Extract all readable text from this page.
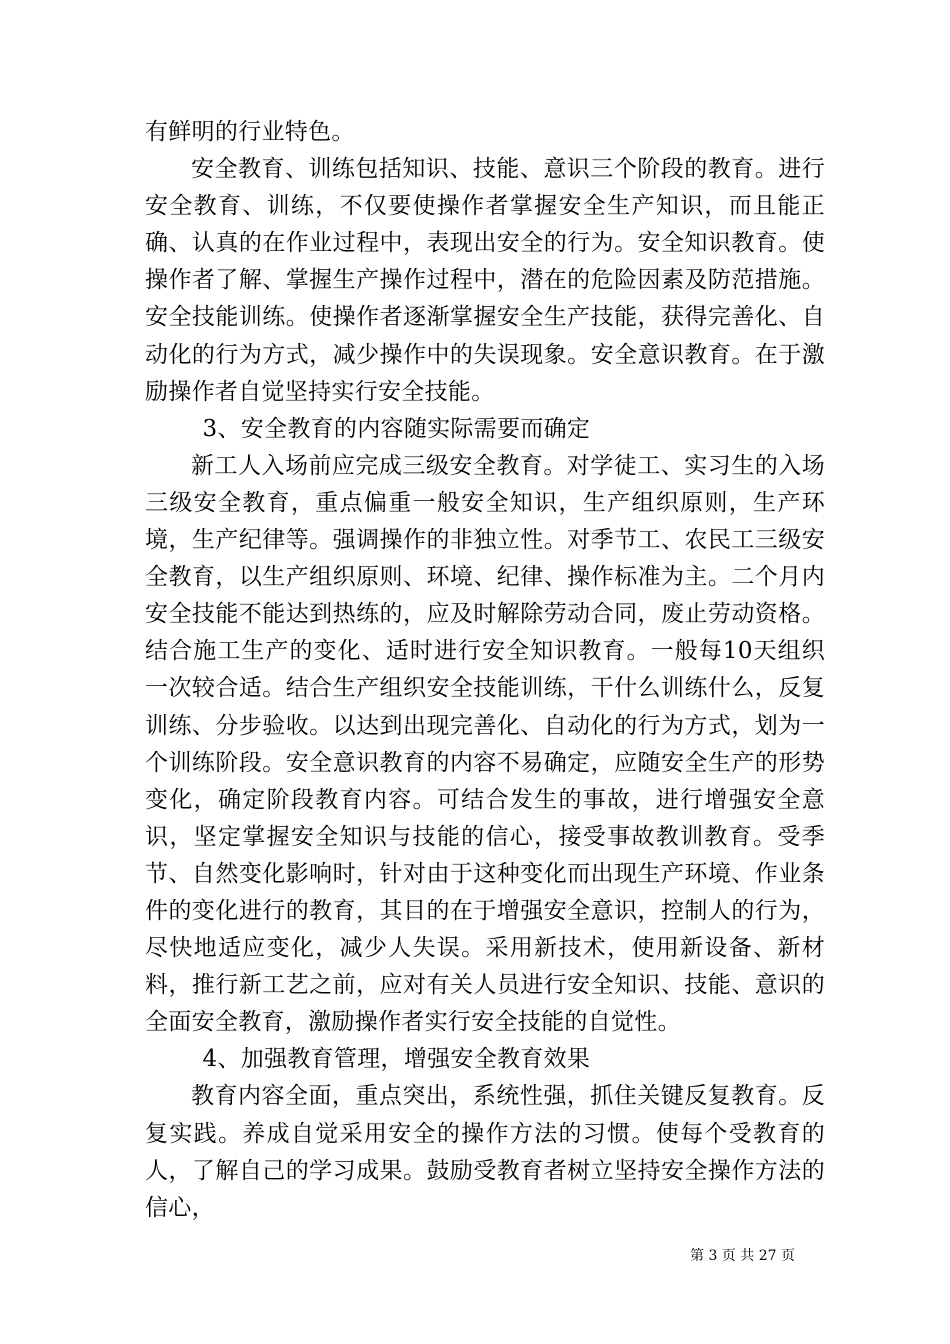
有鲜明的行业特色。

安全教育、训练包括知识、技能、意识三个阶段的教育。进行安全教育、训练，不仅要使操作者掌握安全生产知识，而且能正确、认真的在作业过程中，表现出安全的行为。安全知识教育。使操作者了解、掌握生产操作过程中，潜在的危险因素及防范措施。安全技能训练。使操作者逐渐掌握安全生产技能，获得完善化、自动化的行为方式，减少操作中的失误现象。安全意识教育。在于激励操作者自觉坚持实行安全技能。

3、安全教育的内容随实际需要而确定

新工人入场前应完成三级安全教育。对学徒工、实习生的入场三级安全教育，重点偏重一般安全知识，生产组织原则，生产环境，生产纪律等。强调操作的非独立性。对季节工、农民工三级安全教育，以生产组织原则、环境、纪律、操作标准为主。二个月内安全技能不能达到热练的，应及时解除劳动合同，废止劳动资格。结合施工生产的变化、适时进行安全知识教育。一般每10天组织一次较合适。结合生产组织安全技能训练，干什么训练什么，反复训练、分步验收。以达到出现完善化、自动化的行为方式，划为一个训练阶段。安全意识教育的内容不易确定，应随安全生产的形势变化，确定阶段教育内容。可结合发生的事故，进行增强安全意识，坚定掌握安全知识与技能的信心，接受事故教训教育。受季节、自然变化影响时，针对由于这种变化而出现生产环境、作业条件的变化进行的教育，其目的在于增强安全意识，控制人的行为，尽快地适应变化，减少人失误。采用新技术，使用新设备、新材料，推行新工艺之前，应对有关人员进行安全知识、技能、意识的全面安全教育，激励操作者实行安全技能的自觉性。

4、加强教育管理，增强安全教育效果

教育内容全面，重点突出，系统性强，抓住关键反复教育。反复实践。养成自觉采用安全的操作方法的习惯。使每个受教育的人，了解自己的学习成果。鼓励受教育者树立坚持安全操作方法的信心，

第 3 页 共 27 页
